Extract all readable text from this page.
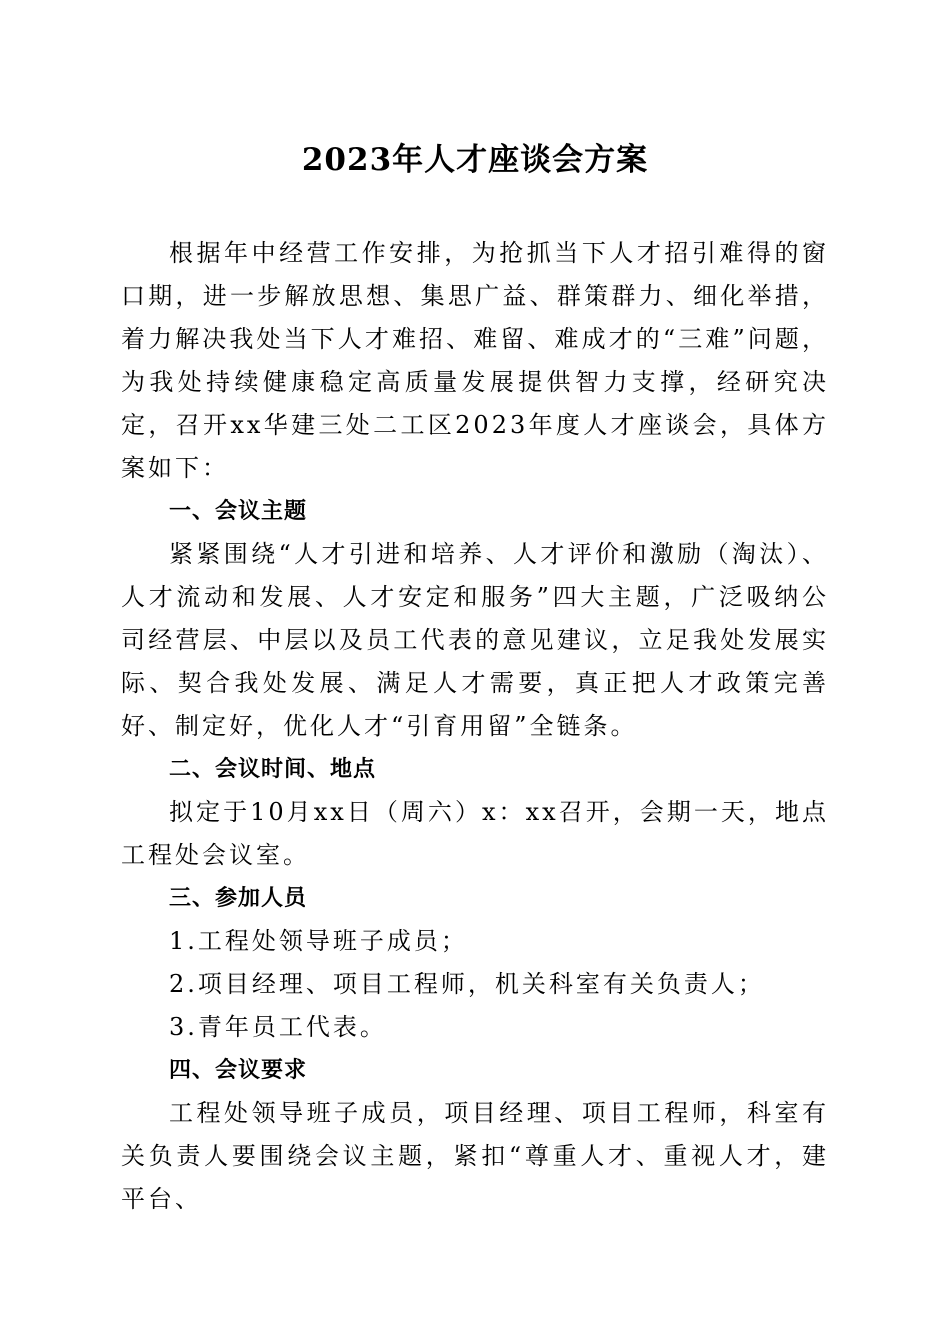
2023年人才座谈会方案

根据年中经营工作安排，为抢抓当下人才招引难得的窗口期，进一步解放思想、集思广益、群策群力、细化举措，着力解决我处当下人才难招、难留、难成才的“三难”问题，为我处持续健康稳定高质量发展提供智力支撑，经研究决定，召开xx华建三处二工区2023年度人才座谈会，具体方案如下：

一、会议主题

紧紧围绕“人才引进和培养、人才评价和激励（淘汰）、人才流动和发展、人才安定和服务”四大主题，广泛吸纳公司经营层、中层以及员工代表的意见建议，立足我处发展实际、契合我处发展、满足人才需要，真正把人才政策完善好、制定好，优化人才“引育用留”全链条。

二、会议时间、地点

拟定于10月xx日（周六）x：xx召开，会期一天，地点工程处会议室。

三、参加人员

1.工程处领导班子成员；

2.项目经理、项目工程师，机关科室有关负责人；

3.青年员工代表。

四、会议要求

工程处领导班子成员，项目经理、项目工程师，科室有关负责人要围绕会议主题，紧扣“尊重人才、重视人才，建平台、
